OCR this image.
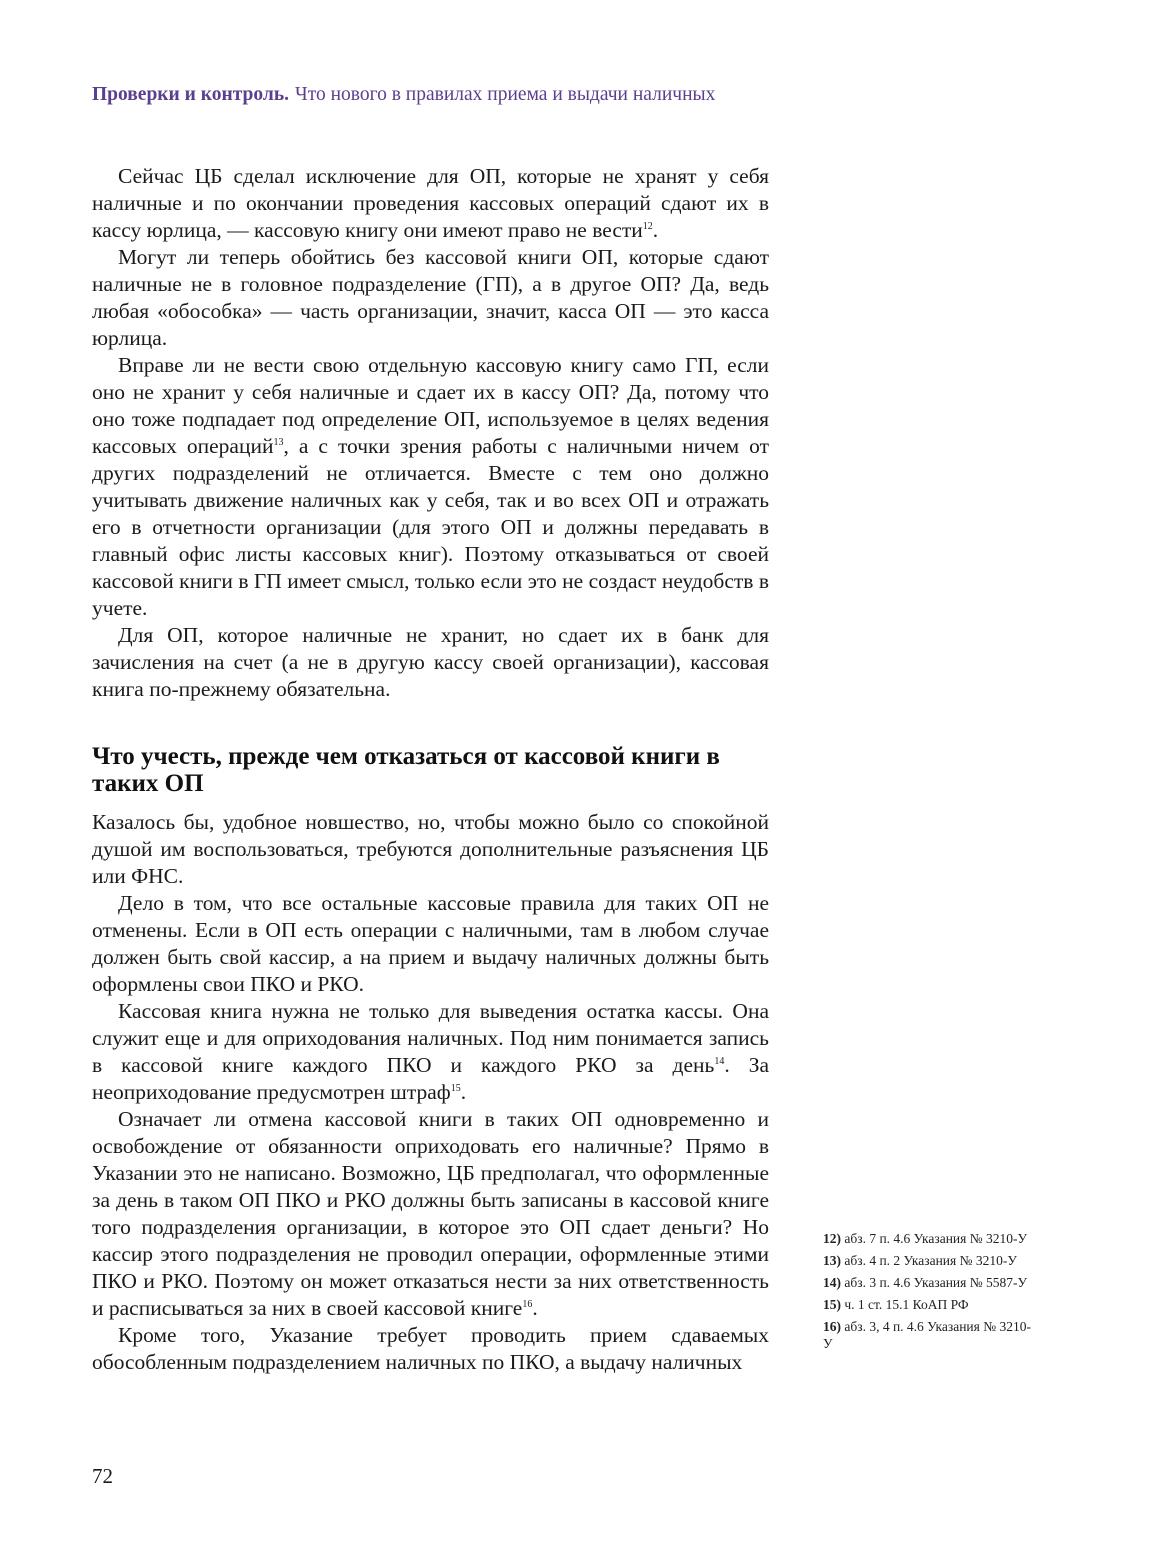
Проверки и контроль. Что нового в правилах приема и выдачи наличных

Сейчас ЦБ сделал исключение для ОП, которые не хранят у себя наличные и по окончании проведения кассовых операций сдают их в кассу юрлица, — кассовую книгу они имеют право не вести$^{12}$.

Могут ли теперь обойтись без кассовой книги ОП, которые сдают наличные не в головное подразделение (ГП), а в другое ОП? Да, ведь любая «обособка» — часть организации, значит, касса ОП — это касса юрлица.

Вправе ли не вести свою отдельную кассовую книгу само ГП, если оно не хранит у себя наличные и сдает их в кассу ОП? Да, потому что оно тоже подпадает под определение ОП, используемое в целях ведения кассовых операций$^{13}$, а с точки зрения работы с наличными ничем от других подразделений не отличается. Вместе с тем оно должно учитывать движение наличных как у себя, так и во всех ОП и отражать его в отчетности организации (для этого ОП и должны передавать в главный офис листы кассовых книг). Поэтому отказываться от своей кассовой книги в ГП имеет смысл, только если это не создаст неудобств в учете.

Для ОП, которое наличные не хранит, но сдает их в банк для зачисления на счет (а не в другую кассу своей организации), кассовая книга по-прежнему обязательна.

Что учесть, прежде чем отказаться от кассовой книги в таких ОП

Казалось бы, удобное новшество, но, чтобы можно было со спокойной душой им воспользоваться, требуются дополнительные разъяснения ЦБ или ФНС.

Дело в том, что все остальные кассовые правила для таких ОП не отменены. Если в ОП есть операции с наличными, там в любом случае должен быть свой кассир, а на прием и выдачу наличных должны быть оформлены свои ПКО и РКО.

Кассовая книга нужна не только для выведения остатка кассы. Она служит еще и для оприходования наличных. Под ним понимается запись в кассовой книге каждого ПКО и каждого РКО за день$^{14}$. За неоприходование предусмотрен штраф$^{15}$.

Означает ли отмена кассовой книги в таких ОП одновременно и освобождение от обязанности оприходовать его наличные? Прямо в Указании это не написано. Возможно, ЦБ предполагал, что оформленные за день в таком ОП ПКО и РКО должны быть записаны в кассовой книге того подразделения организации, в которое это ОП сдает деньги? Но кассир этого подразделения не проводил операции, оформленные этими ПКО и РКО. Поэтому он может отказаться нести за них ответственность и расписываться за них в своей кассовой книге$^{16}$.

Кроме того, Указание требует проводить прием сдаваемых обособленным подразделением наличных по ПКО, а выдачу наличных

12) абз. 7 п. 4.6 Указания № 3210-У
13) абз. 4 п. 2 Указания № 3210-У
14) абз. 3 п. 4.6 Указания № 5587-У
15) ч. 1 ст. 15.1 КоАП РФ
16) абз. 3, 4 п. 4.6 Указания № 3210-У
72
